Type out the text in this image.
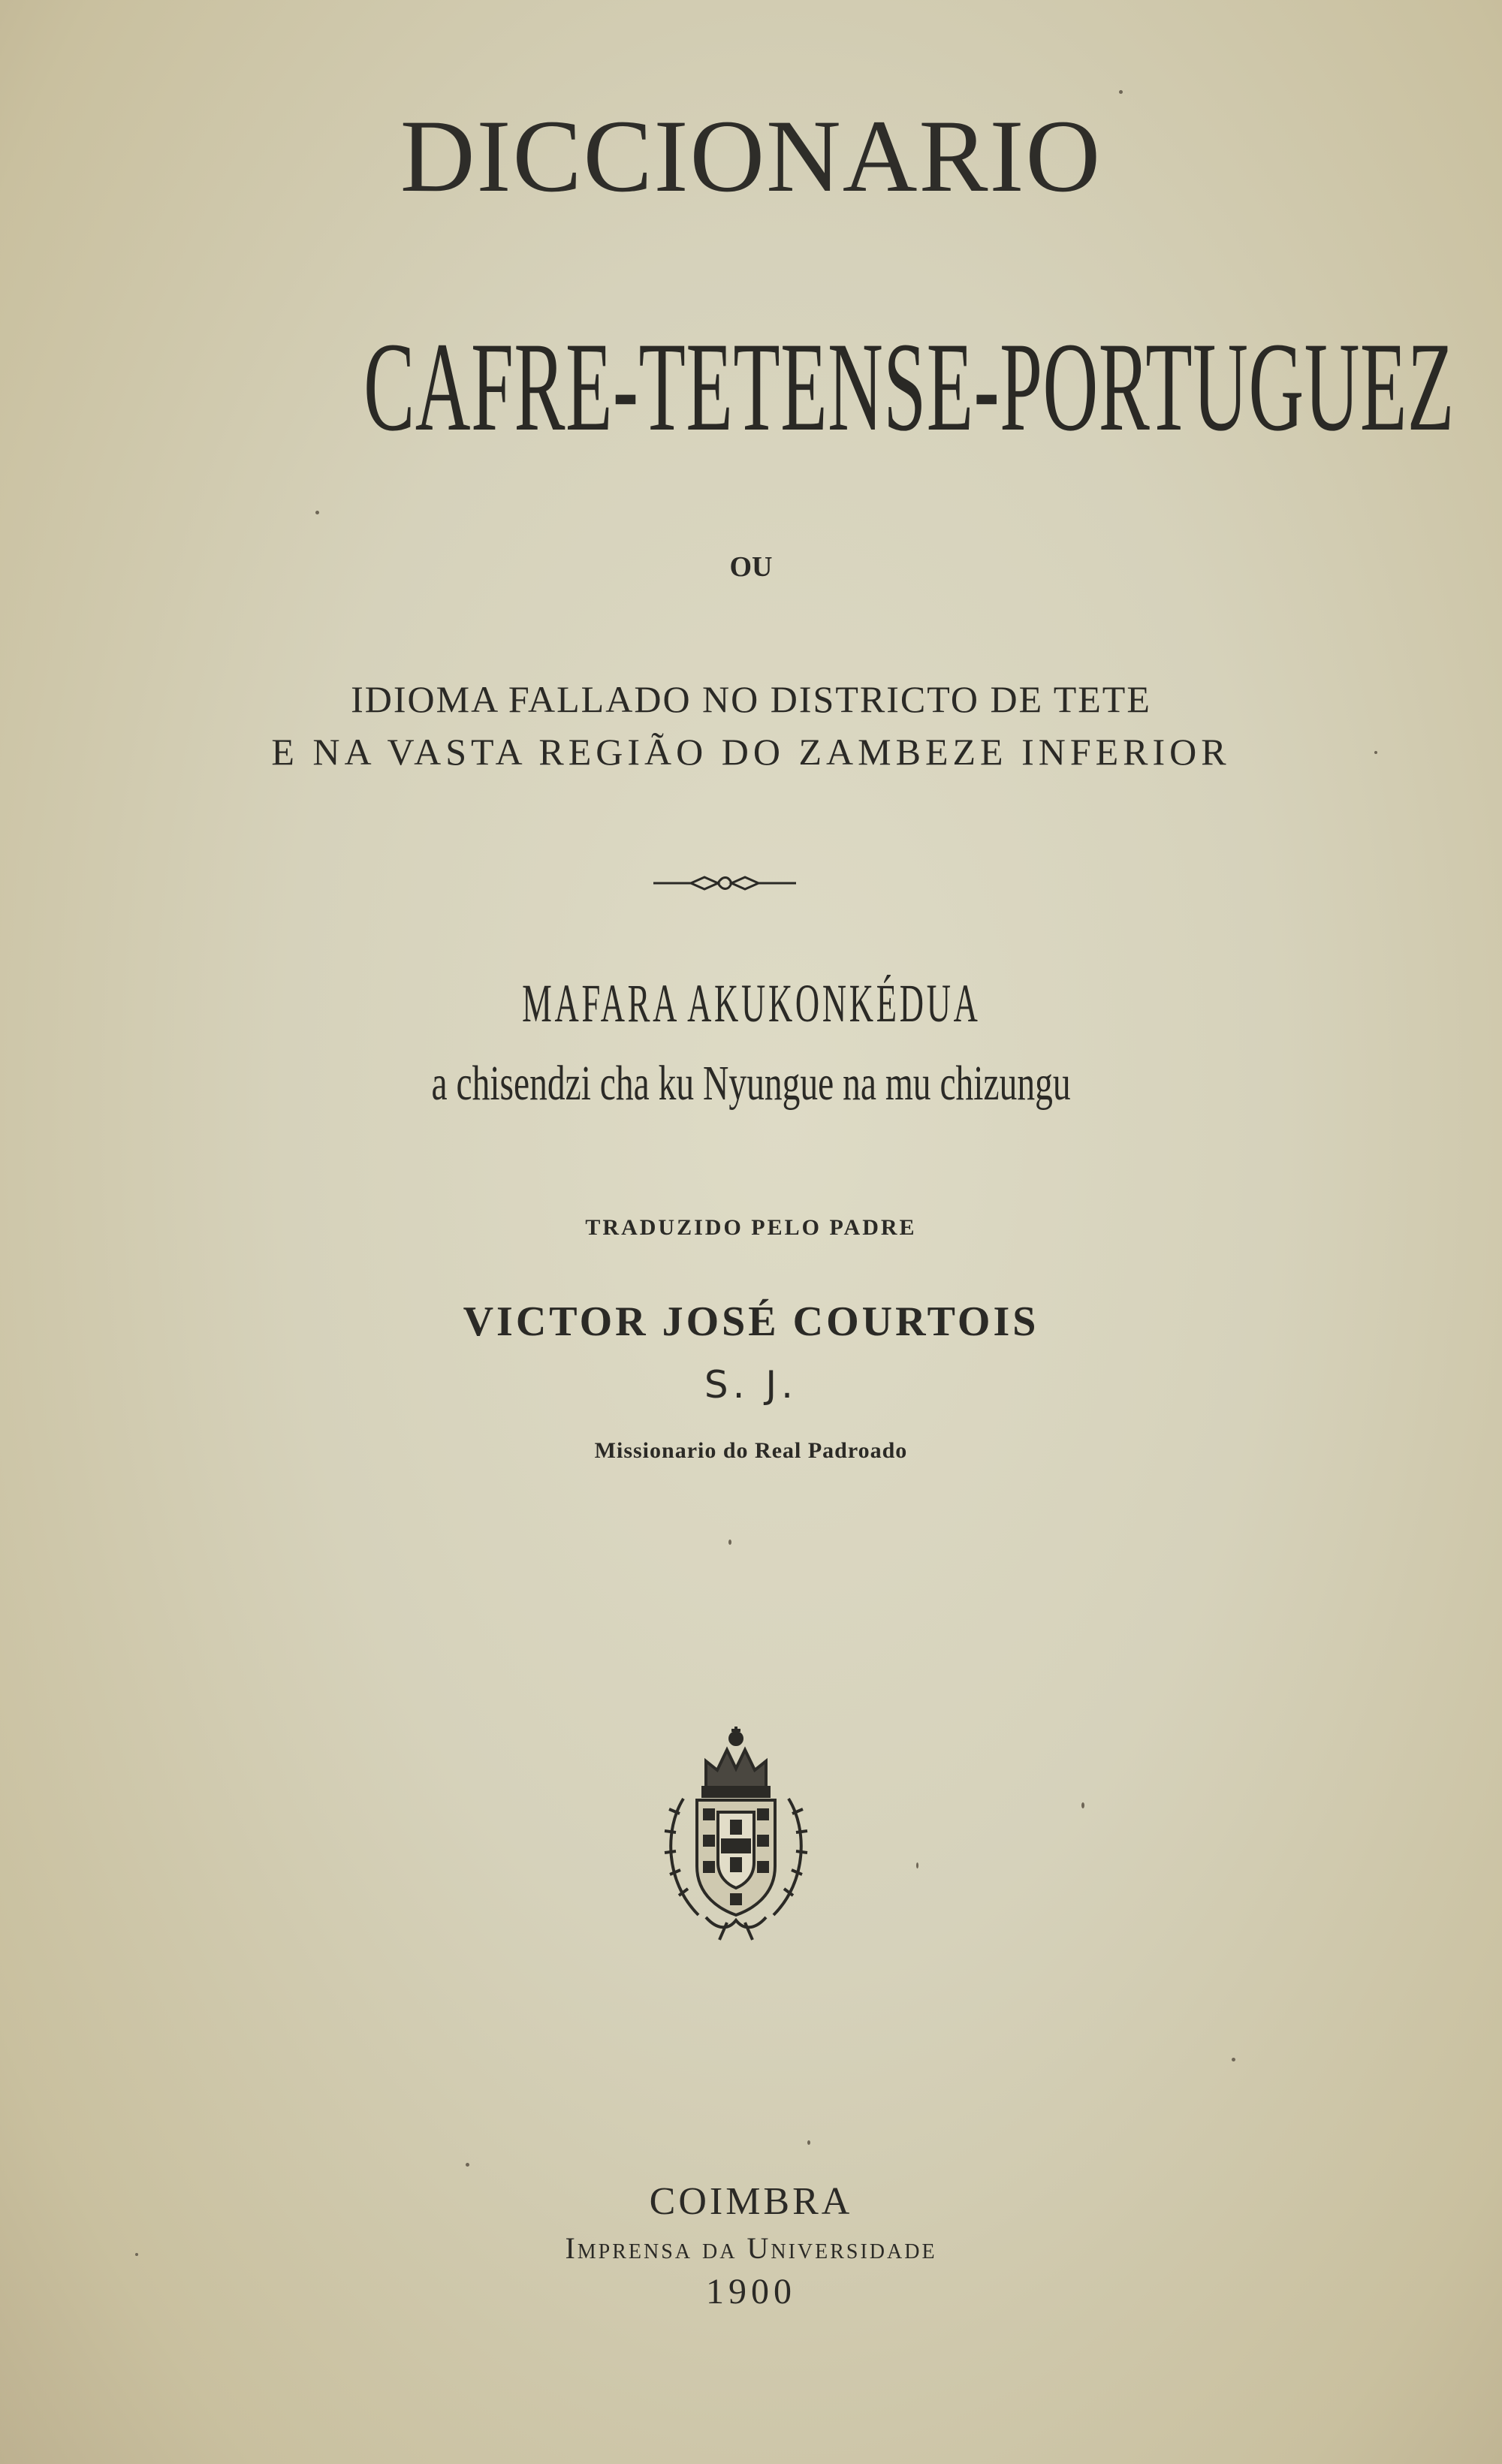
DICCIONARIO
CAFRE-TETENSE-PORTUGUEZ
OU
IDIOMA FALLADO NO DISTRICTO DE TETE
E NA VASTA REGIÃO DO ZAMBEZE INFERIOR
MAFARA AKUKONKÉDUA
a chisendzi cha ku Nyungue na mu chizungu
TRADUZIDO PELO PADRE
VICTOR JOSÉ COURTOIS
S. J.
Missionario do Real Padroado
COIMBRA
Imprensa da Universidade
1900
